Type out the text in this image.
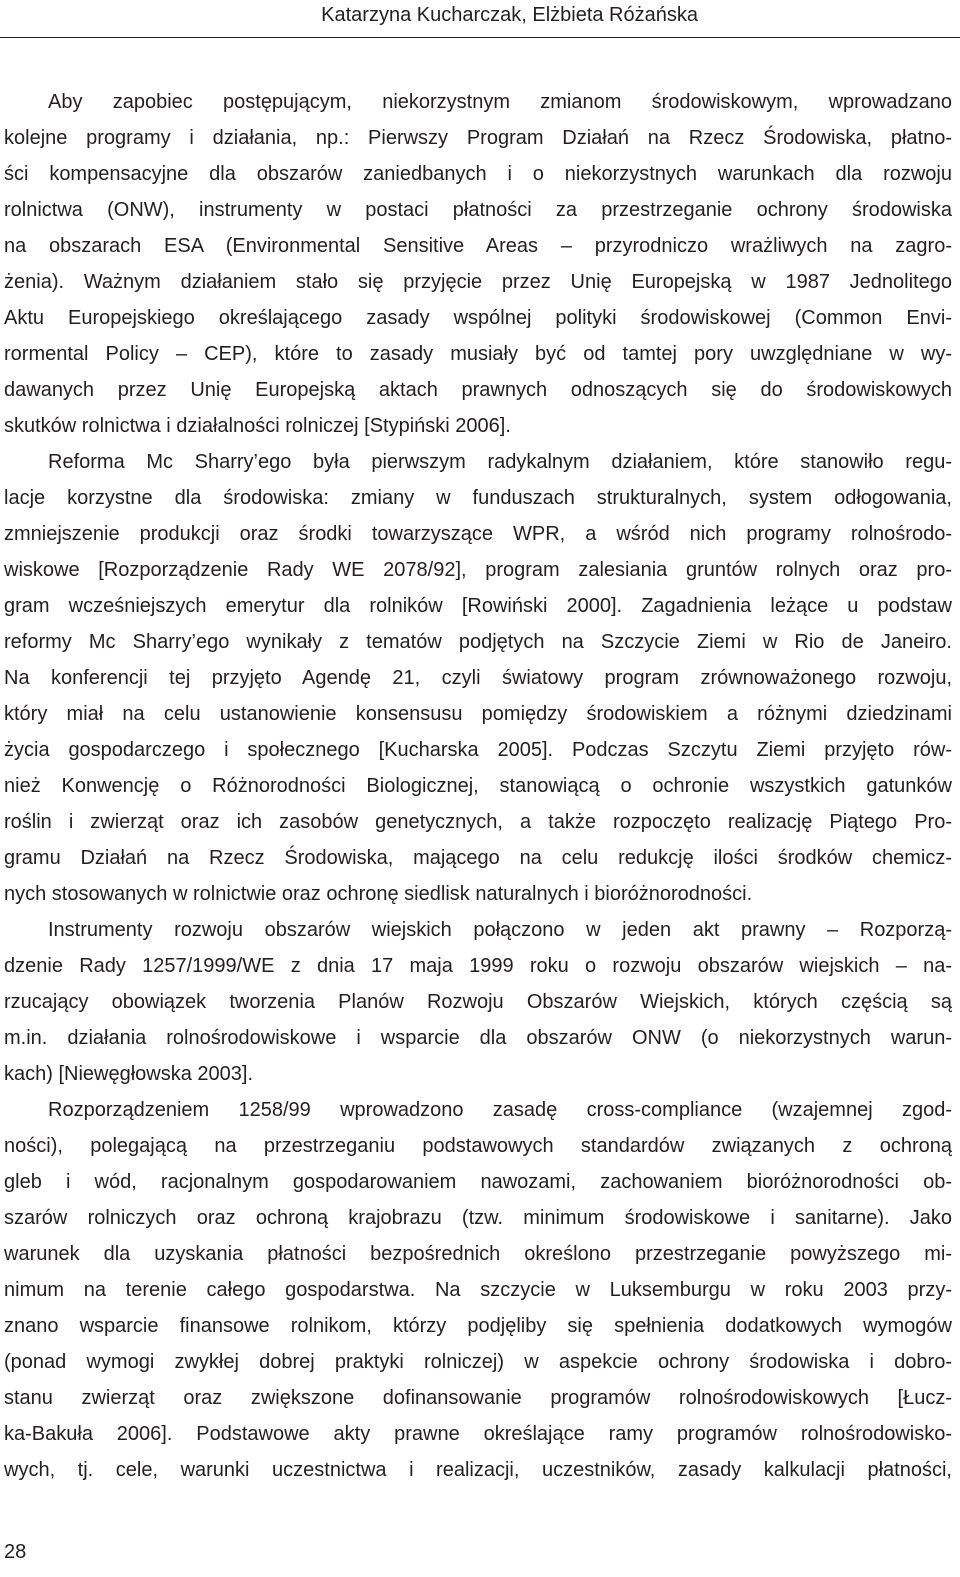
Katarzyna Kucharczak, Elżbieta Różańska
Aby zapobiec postępującym, niekorzystnym zmianom środowiskowym, wprowadzano
kolejne programy i działania, np.: Pierwszy Program Działań na Rzecz Środowiska, płatno-
ści kompensacyjne dla obszarów zaniedbanych i o niekorzystnych warunkach dla rozwoju
rolnictwa (ONW), instrumenty w postaci płatności za przestrzeganie ochrony środowiska
na obszarach ESA (Environmental Sensitive Areas – przyrodniczo wrażliwych na zagro-
żenia). Ważnym działaniem stało się przyjęcie przez Unię Europejską w 1987 Jednolitego
Aktu Europejskiego określającego zasady wspólnej polityki środowiskowej (Common Envi-
rormental Policy – CEP), które to zasady musiały być od tamtej pory uwzględniane w wy-
dawanych przez Unię Europejską aktach prawnych odnoszących się do środowiskowych
skutków rolnictwa i działalności rolniczej [Stypiński 2006].
Reforma Mc Sharry’ego była pierwszym radykalnym działaniem, które stanowiło regu-
lacje korzystne dla środowiska: zmiany w funduszach strukturalnych, system odłogowania,
zmniejszenie produkcji oraz środki towarzyszące WPR, a wśród nich programy rolnośrodo-
wiskowe [Rozporządzenie Rady WE 2078/92], program zalesiania gruntów rolnych oraz pro-
gram wcześniejszych emerytur dla rolników [Rowiński 2000]. Zagadnienia leżące u podstaw
reformy Mc Sharry’ego wynikały z tematów podjętych na Szczycie Ziemi w Rio de Janeiro.
Na konferencji tej przyjęto Agendę 21, czyli światowy program zrównoważonego rozwoju,
który miał na celu ustanowienie konsensusu pomiędzy środowiskiem a różnymi dziedzinami
życia gospodarczego i społecznego [Kucharska 2005]. Podczas Szczytu Ziemi przyjęto rów-
nież Konwencję o Różnorodności Biologicznej, stanowiącą o ochronie wszystkich gatunków
roślin i zwierząt oraz ich zasobów genetycznych, a także rozpoczęto realizację Piątego Pro-
gramu Działań na Rzecz Środowiska, mającego na celu redukcję ilości środków chemicz-
nych stosowanych w rolnictwie oraz ochronę siedlisk naturalnych i bioróżnorodności.
Instrumenty rozwoju obszarów wiejskich połączono w jeden akt prawny – Rozporzą-
dzenie Rady 1257/1999/WE z dnia 17 maja 1999 roku o rozwoju obszarów wiejskich – na-
rzucający obowiązek tworzenia Planów Rozwoju Obszarów Wiejskich, których częścią są
m.in. działania rolnośrodowiskowe i wsparcie dla obszarów ONW (o niekorzystnych warun-
kach) [Niewęgłowska 2003].
Rozporządzeniem 1258/99 wprowadzono zasadę cross-compliance (wzajemnej zgod-
ności), polegającą na przestrzeganiu podstawowych standardów związanych z ochroną
gleb i wód, racjonalnym gospodarowaniem nawozami, zachowaniem bioróżnorodności ob-
szarów rolniczych oraz ochroną krajobrazu (tzw. minimum środowiskowe i sanitarne). Jako
warunek dla uzyskania płatności bezpośrednich określono przestrzeganie powyższego mi-
nimum na terenie całego gospodarstwa. Na szczycie w Luksemburgu w roku 2003 przy-
znano wsparcie finansowe rolnikom, którzy podjęliby się spełnienia dodatkowych wymogów
(ponad wymogi zwykłej dobrej praktyki rolniczej) w aspekcie ochrony środowiska i dobro-
stanu zwierząt oraz zwiększone dofinansowanie programów rolnośrodowiskowych [Łucz-
ka-Bakuła 2006]. Podstawowe akty prawne określające ramy programów rolnośrodowisko-
wych, tj. cele, warunki uczestnictwa i realizacji, uczestników, zasady kalkulacji płatności,
28
